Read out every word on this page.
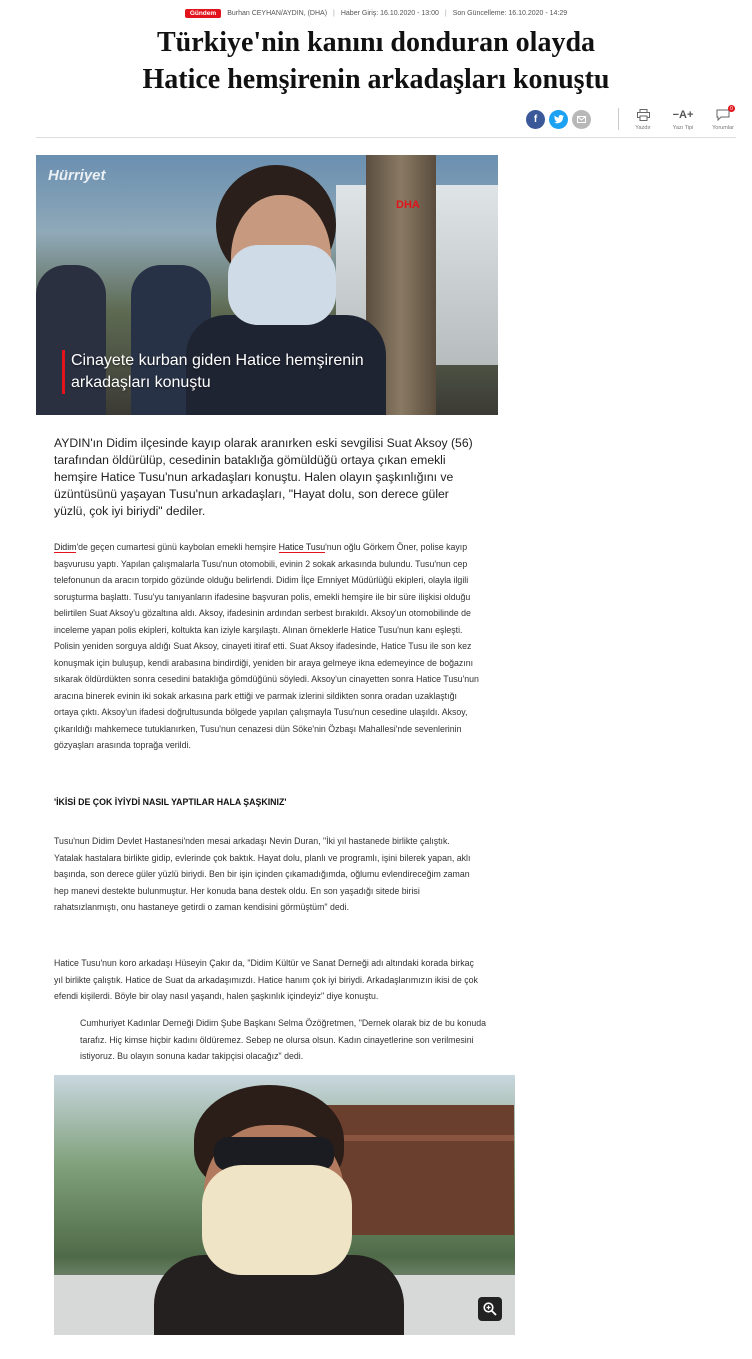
Gündem	Burhan CEYHAN/AYDIN, (DHA) | Haber Giriş: 16.10.2020 - 13:00 | Son Güncelleme: 16.10.2020 - 14:29
Türkiye'nin kanını donduran olayda
Hatice hemşirenin arkadaşları konuştu
f
Yazdır
−A+
Yazı Tipi
0
Yorumlar
Hürriyet
DHA
Cinayete kurban giden Hatice hemşirenin
arkadaşları konuştu

AYDIN'ın Didim ilçesinde kayıp olarak aranırken eski sevgilisi Suat Aksoy (56) tarafından öldürülüp, cesedinin bataklığa gömüldüğü ortaya çıkan emekli hemşire Hatice Tusu'nun arkadaşları konuştu. Halen olayın şaşkınlığını ve üzüntüsünü yaşayan Tusu'nun arkadaşları, "Hayat dolu, son derece güler yüzlü, çok iyi biriydi" dediler.

Didim'de geçen cumartesi günü kaybolan emekli hemşire Hatice Tusu'nun oğlu Görkem Öner, polise kayıp başvurusu yaptı. Yapılan çalışmalarla Tusu'nun otomobili, evinin 2 sokak arkasında bulundu. Tusu'nun cep telefonunun da aracın torpido gözünde olduğu belirlendi. Didim İlçe Emniyet Müdürlüğü ekipleri, olayla ilgili soruşturma başlattı. Tusu'yu tanıyanların ifadesine başvuran polis, emekli hemşire ile bir süre ilişkisi olduğu belirtilen Suat Aksoy'u gözaltına aldı. Aksoy, ifadesinin ardından serbest bırakıldı. Aksoy'un otomobilinde de inceleme yapan polis ekipleri, koltukta kan iziyle karşılaştı. Alınan örneklerle Hatice Tusu'nun kanı eşleşti. Polisin yeniden sorguya aldığı Suat Aksoy, cinayeti itiraf etti. Suat Aksoy ifadesinde, Hatice Tusu ile son kez konuşmak için buluşup, kendi arabasına bindirdiği, yeniden bir araya gelmeye ikna edemeyince de boğazını sıkarak öldürdükten sonra cesedini bataklığa gömdüğünü söyledi. Aksoy'un cinayetten sonra Hatice Tusu'nun aracına binerek evinin iki sokak arkasına park ettiği ve parmak izlerini sildikten sonra oradan uzaklaştığı ortaya çıktı. Aksoy'un ifadesi doğrultusunda bölgede yapılan çalışmayla Tusu'nun cesedine ulaşıldı. Aksoy, çıkarıldığı mahkemece tutuklanırken, Tusu'nun cenazesi dün Söke'nin Özbaşı Mahallesi'nde sevenlerinin gözyaşları arasında toprağa verildi.

'İKİSİ DE ÇOK İYİYDİ NASIL YAPTILAR HALA ŞAŞKINIZ'

Tusu'nun Didim Devlet Hastanesi'nden mesai arkadaşı Nevin Duran, "İki yıl hastanede birlikte çalıştık. Yatalak hastalara birlikte gidip, evlerinde çok baktık. Hayat dolu, planlı ve programlı, işini bilerek yapan, aklı başında, son derece güler yüzlü biriydi. Ben bir işin içinden çıkamadığımda, oğlumu evlendireceğim zaman hep manevi destekte bulunmuştur. Her konuda bana destek oldu. En son yaşadığı sitede birisi rahatsızlanmıştı, onu hastaneye getirdi o zaman kendisini görmüştüm" dedi.

Hatice Tusu'nun koro arkadaşı Hüseyin Çakır da, "Didim Kültür ve Sanat Derneği adı altındaki korada birkaç yıl birlikte çalıştık. Hatice de Suat da arkadaşımızdı. Hatice hanım çok iyi biriydi. Arkadaşlarımızın ikisi de çok efendi kişilerdi. Böyle bir olay nasıl yaşandı, halen şaşkınlık içindeyiz" diye konuştu.

Cumhuriyet Kadınlar Derneği Didim Şube Başkanı Selma Özöğretmen, "Dernek olarak biz de bu konuda tarafız. Hiç kimse hiçbir kadını öldüremez. Sebep ne olursa olsun. Kadın cinayetlerine son verilmesini istiyoruz. Bu olayın sonuna kadar takipçisi olacağız" dedi.
